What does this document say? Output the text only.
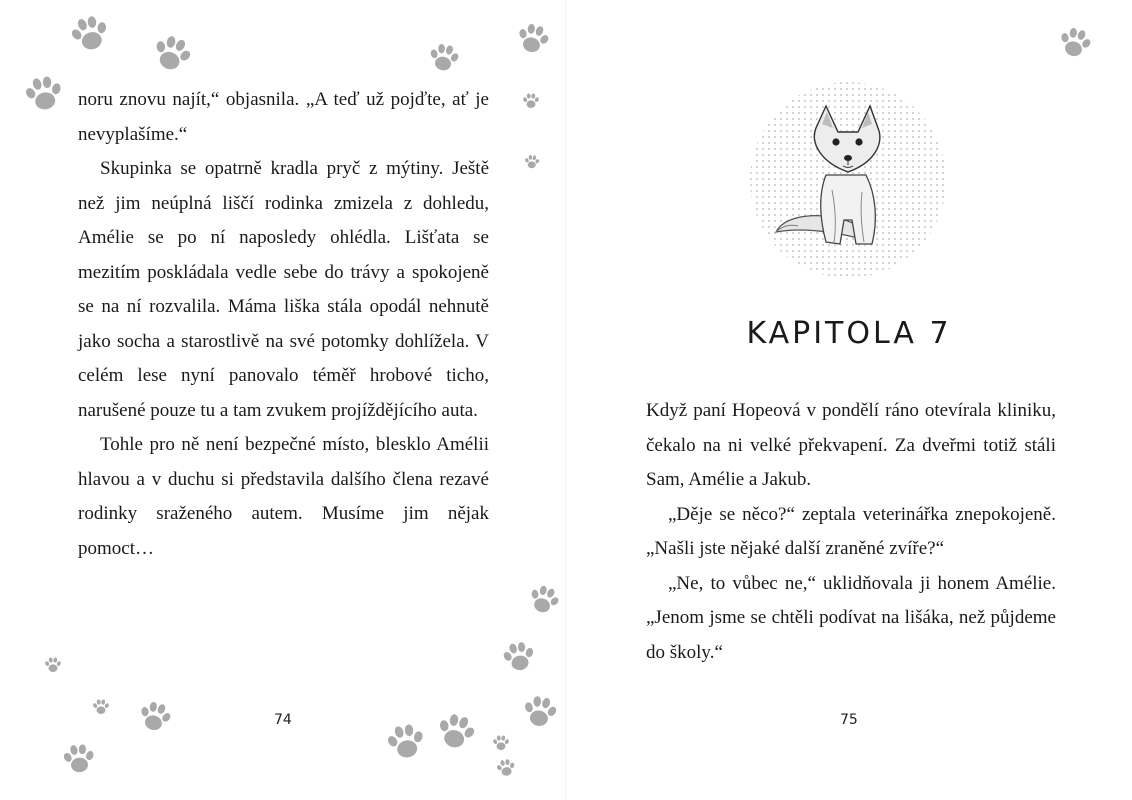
noru znovu najít,“ objasnila. „A teď už pojďte, ať je nevyplašíme.“

Skupinka se opatrně kradla pryč z mýtiny. Ještě než jim neúplná liščí rodinka zmizela z dohledu, Amélie se po ní naposledy ohlédla. Lišťata se mezitím poskládala vedle sebe do trávy a spokojeně se na ní rozvalila. Máma liška stála opodál nehnutě jako socha a starostlivě na své potomky dohlížela. V celém lese nyní panovalo téměř hrobové ticho, narušené pouze tu a tam zvukem projíždějícího auta.

Tohle pro ně není bezpečné místo, blesklo Amélii hlavou a v duchu si představila dalšího člena rezavé rodinky sraženého autem. Musíme jim nějak pomoct…

74
KAPITOLA 7

Když paní Hopeová v pondělí ráno otevírala kliniku, čekalo na ni velké překvapení. Za dveřmi totiž stáli Sam, Amélie a Jakub.

„Děje se něco?“ zeptala veterinářka znepokojeně. „Našli jste nějaké další zraněné zvíře?“

„Ne, to vůbec ne,“ uklidňovala ji honem Amélie. „Jenom jsme se chtěli podívat na lišáka, než půjdeme do školy.“

75
